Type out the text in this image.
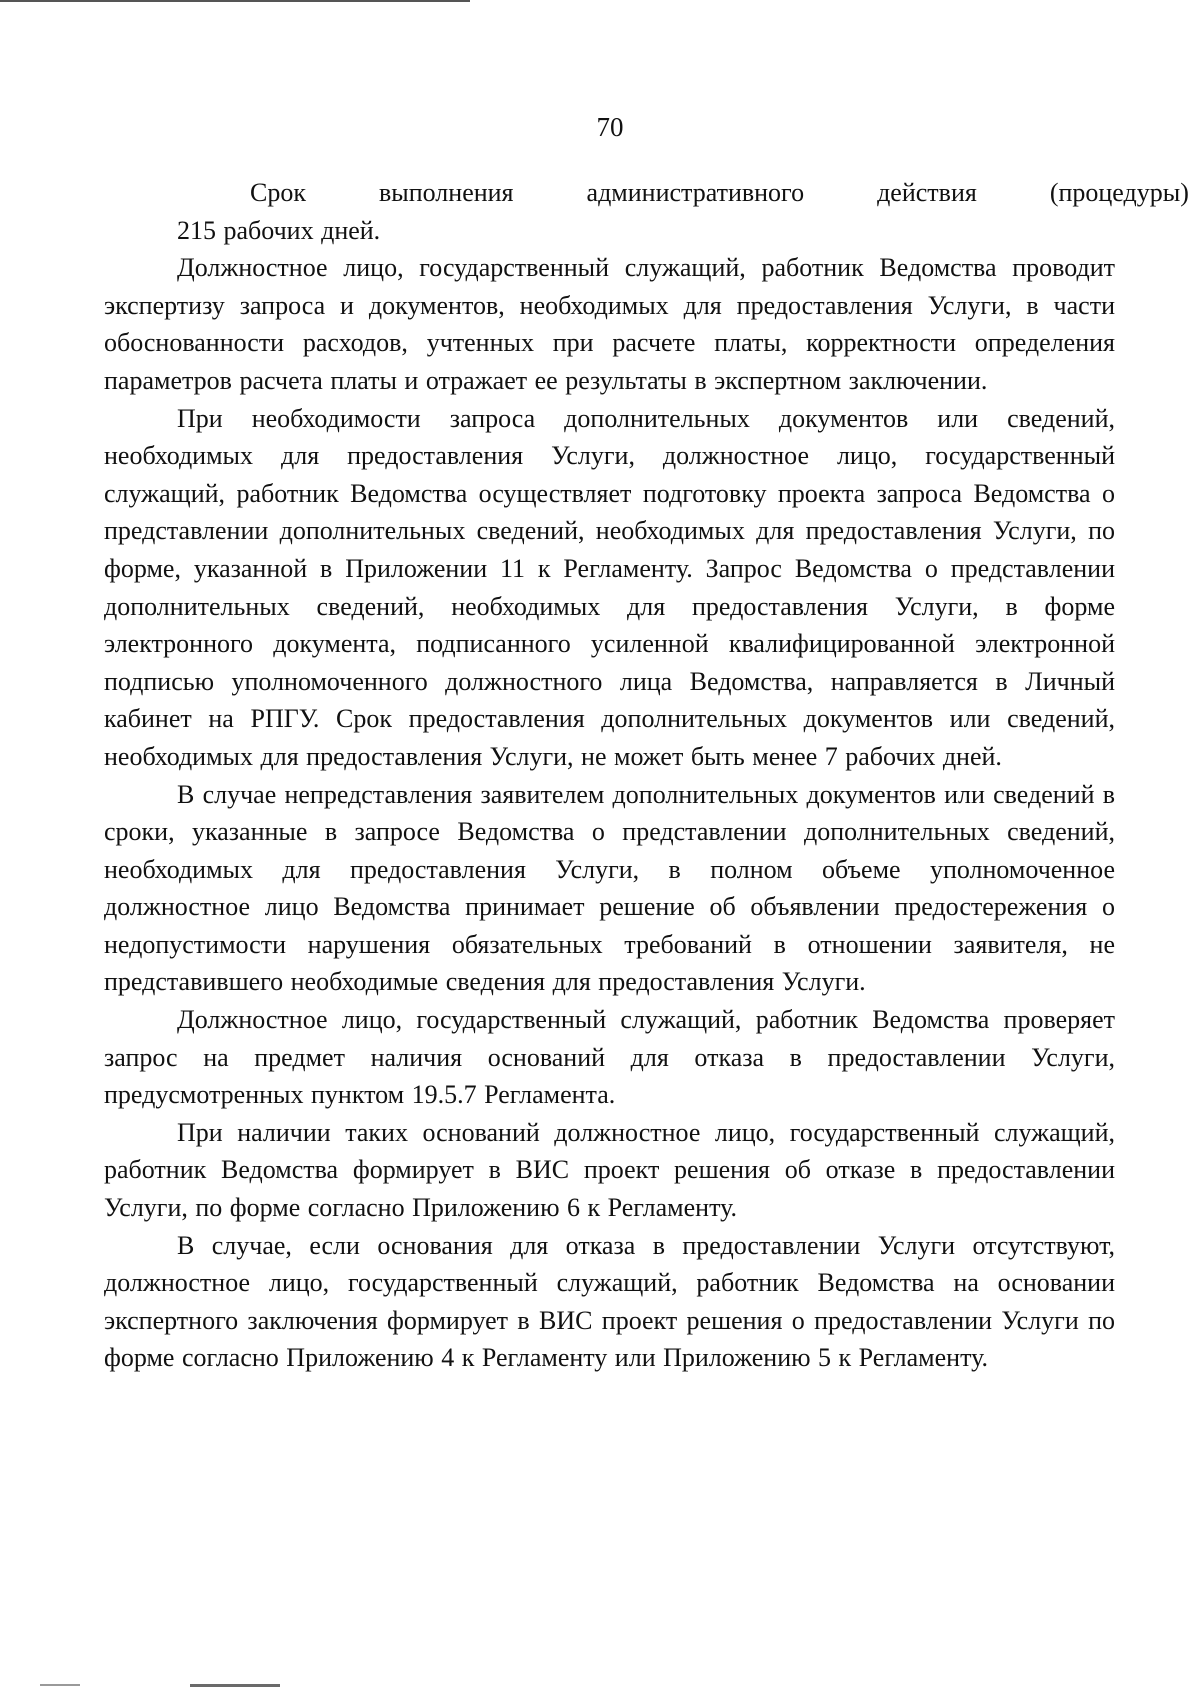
70
Срок	выполнения	административного	действия	(процедуры)
215 рабочих дней.

Должностное лицо, государственный служащий, работник Ведомства проводит экспертизу запроса и документов, необходимых для предоставления Услуги, в части обоснованности расходов, учтенных при расчете платы, корректности определения параметров расчета платы и отражает ее результаты в экспертном заключении.

При необходимости запроса дополнительных документов или сведений, необходимых для предоставления Услуги, должностное лицо, государственный служащий, работник Ведомства осуществляет подготовку проекта запроса Ведомства о представлении дополнительных сведений, необходимых для предоставления Услуги, по форме, указанной в Приложении 11 к Регламенту. Запрос Ведомства о представлении дополнительных сведений, необходимых для предоставления Услуги, в форме электронного документа, подписанного усиленной квалифицированной электронной подписью уполномоченного должностного лица Ведомства, направляется в Личный кабинет на РПГУ. Срок предоставления дополнительных документов или сведений, необходимых для предоставления Услуги, не может быть менее 7 рабочих дней.

В случае непредставления заявителем дополнительных документов или сведений в сроки, указанные в запросе Ведомства о представлении дополнительных сведений, необходимых для предоставления Услуги, в полном объеме уполномоченное должностное лицо Ведомства принимает решение об объявлении предостережения о недопустимости нарушения обязательных требований в отношении заявителя, не представившего необходимые сведения для предоставления Услуги.

Должностное лицо, государственный служащий, работник Ведомства проверяет запрос на предмет наличия оснований для отказа в предоставлении Услуги, предусмотренных пунктом 19.5.7 Регламента.

При наличии таких оснований должностное лицо, государственный служащий, работник Ведомства формирует в ВИС проект решения об отказе в предоставлении Услуги, по форме согласно Приложению 6 к Регламенту.

В случае, если основания для отказа в предоставлении Услуги отсутствуют, должностное лицо, государственный служащий, работник Ведомства на основании экспертного заключения формирует в ВИС проект решения о предоставлении Услуги по форме согласно Приложению 4 к Регламенту или Приложению 5 к Регламенту.
